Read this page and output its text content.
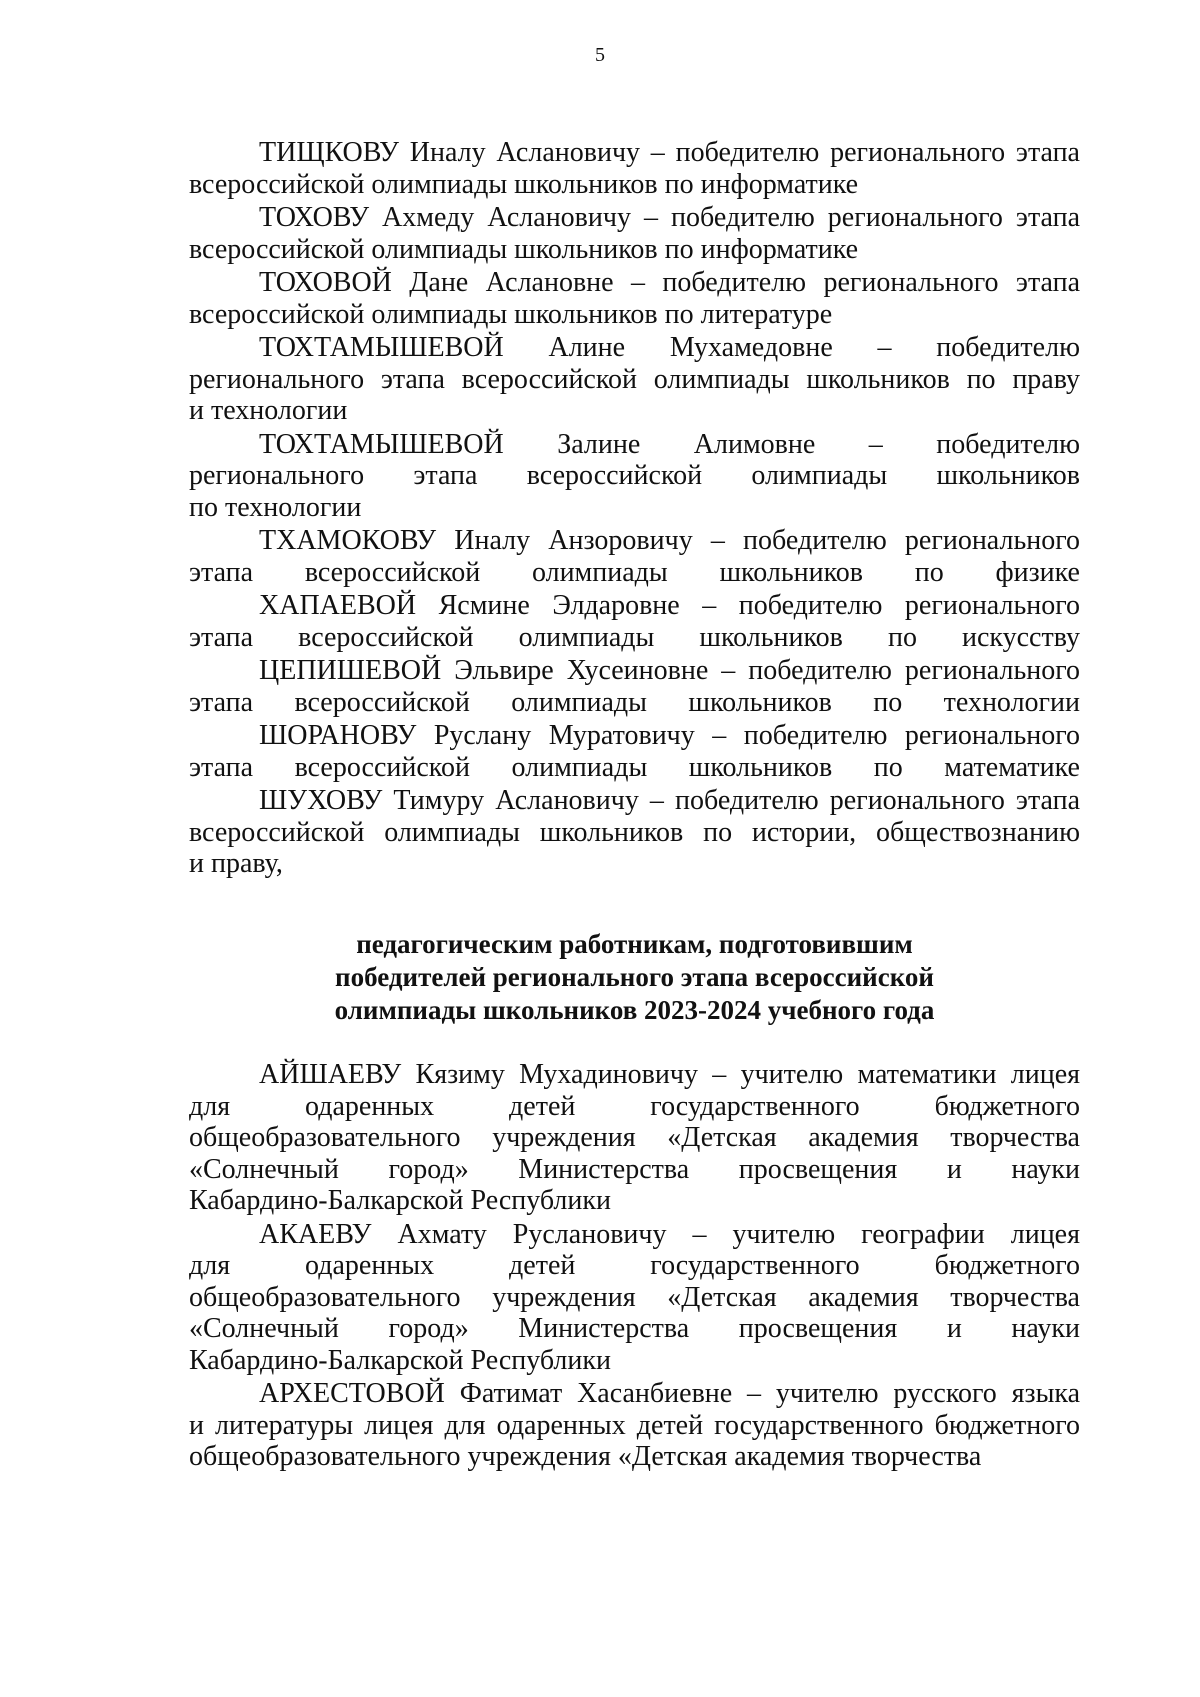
5
ТИЩКОВУ Иналу Аслановичу – победителю регионального этапа
всероссийской олимпиады школьников по информатике
ТОХОВУ Ахмеду Аслановичу – победителю регионального этапа
всероссийской олимпиады школьников по информатике
ТОХОВОЙ Дане Аслановне – победителю регионального этапа
всероссийской олимпиады школьников по литературе
ТОХТАМЫШЕВОЙ Алине Мухамедовне – победителю
регионального этапа всероссийской олимпиады школьников по праву
и технологии
ТОХТАМЫШЕВОЙ Залине Алимовне – победителю
регионального этапа всероссийской олимпиады школьников
по технологии
ТХАМОКОВУ Иналу Анзоровичу – победителю регионального
этапа всероссийской олимпиады школьников по физике
ХАПАЕВОЙ Ясмине Элдаровне – победителю регионального
этапа всероссийской олимпиады школьников по искусству
ЦЕПИШЕВОЙ Эльвире Хусеиновне – победителю регионального
этапа всероссийской олимпиады школьников по технологии
ШОРАНОВУ Руслану Муратовичу – победителю регионального
этапа всероссийской олимпиады школьников по математике
ШУХОВУ Тимуру Аслановичу – победителю регионального этапа
всероссийской олимпиады школьников по истории, обществознанию
и праву,
педагогическим работникам, подготовившим
победителей регионального этапа всероссийской
олимпиады школьников 2023-2024 учебного года
АЙШАЕВУ Кязиму Мухадиновичу – учителю математики лицея
для одаренных детей государственного бюджетного
общеобразовательного учреждения «Детская академия творчества
«Солнечный город» Министерства просвещения и науки
Кабардино-Балкарской Республики
АКАЕВУ Ахмату Руслановичу – учителю географии лицея
для одаренных детей государственного бюджетного
общеобразовательного учреждения «Детская академия творчества
«Солнечный город» Министерства просвещения и науки
Кабардино-Балкарской Республики
АРХЕСТОВОЙ Фатимат Хасанбиевне – учителю русского языка
и литературы лицея для одаренных детей государственного бюджетного
общеобразовательного учреждения «Детская академия творчества
